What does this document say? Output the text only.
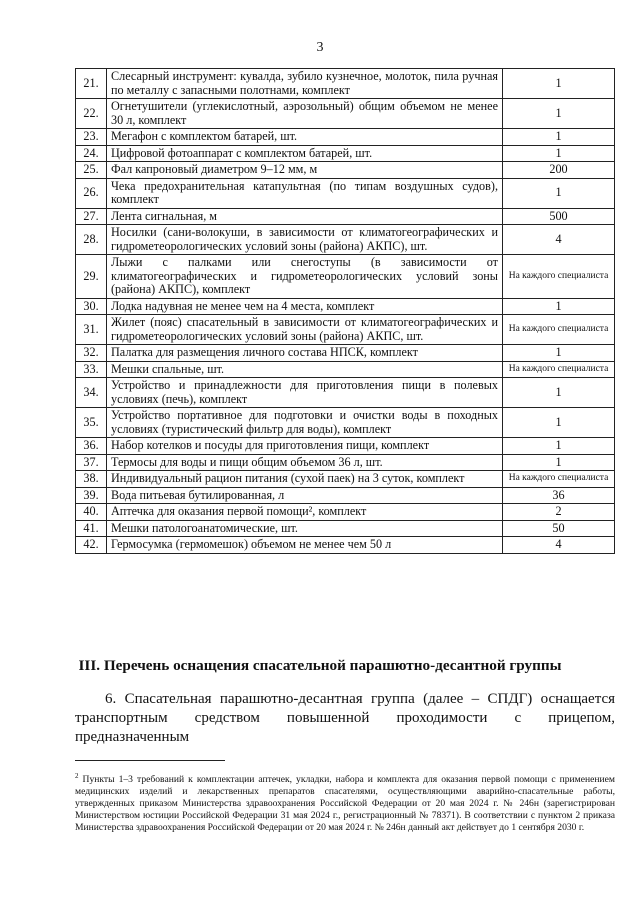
3
21.	Слесарный инструмент: кувалда, зубило кузнечное, молоток, пила ручная по металлу с запасными полотнами, комплект	1
22.	Огнетушители (углекислотный, аэрозольный) общим объемом не менее 30 л, комплект	1
23.	Мегафон с комплектом батарей, шт.	1
24.	Цифровой фотоаппарат с комплектом батарей, шт.	1
25.	Фал капроновый диаметром 9–12 мм, м	200
26.	Чека предохранительная катапультная (по типам воздушных судов), комплект	1
27.	Лента сигнальная, м	500
28.	Носилки (сани-волокуши, в зависимости от климатогеографических и гидрометеорологических условий зоны (района) АКПС), шт.	4
29.	Лыжи с палками или снегоступы (в зависимости от климатогеографических и гидрометеорологических условий зоны (района) АКПС), комплект	На каждого специалиста
30.	Лодка надувная не менее чем на 4 места, комплект	1
31.	Жилет (пояс) спасательный в зависимости от климатогеографических и гидрометеорологических условий зоны (района) АКПС, шт.	На каждого специалиста
32.	Палатка для размещения личного состава НПСК, комплект	1
33.	Мешки спальные, шт.	На каждого специалиста
34.	Устройство и принадлежности для приготовления пищи в полевых условиях (печь), комплект	1
35.	Устройство портативное для подготовки и очистки воды в походных условиях (туристический фильтр для воды), комплект	1
36.	Набор котелков и посуды для приготовления пищи, комплект	1
37.	Термосы для воды и пищи общим объемом 36 л, шт.	1
38.	Индивидуальный рацион питания (сухой паек) на 3 суток, комплект	На каждого специалиста
39.	Вода питьевая бутилированная, л	36
40.	Аптечка для оказания первой помощи², комплект	2
41.	Мешки патологоанатомические, шт.	50
42.	Гермосумка (гермомешок) объемом не менее чем 50 л	4
III. Перечень оснащения спасательной парашютно-десантной группы
6. Спасательная парашютно-десантная группа (далее – СПДГ) оснащается транспортным средством повышенной проходимости с прицепом, предназначенным
$^2$ Пункты 1–3 требований к комплектации аптечек, укладки, набора и комплекта для оказания первой помощи с применением медицинских изделий и лекарственных препаратов спасателями, осуществляющими аварийно-спасательные работы, утвержденных приказом Министерства здравоохранения Российской Федерации от 20 мая 2024 г. № 246н (зарегистрирован Министерством юстиции Российской Федерации 31 мая 2024 г., регистрационный № 78371). В соответствии с пунктом 2 приказа Министерства здравоохранения Российской Федерации от 20 мая 2024 г. № 246н данный акт действует до 1 сентября 2030 г.
